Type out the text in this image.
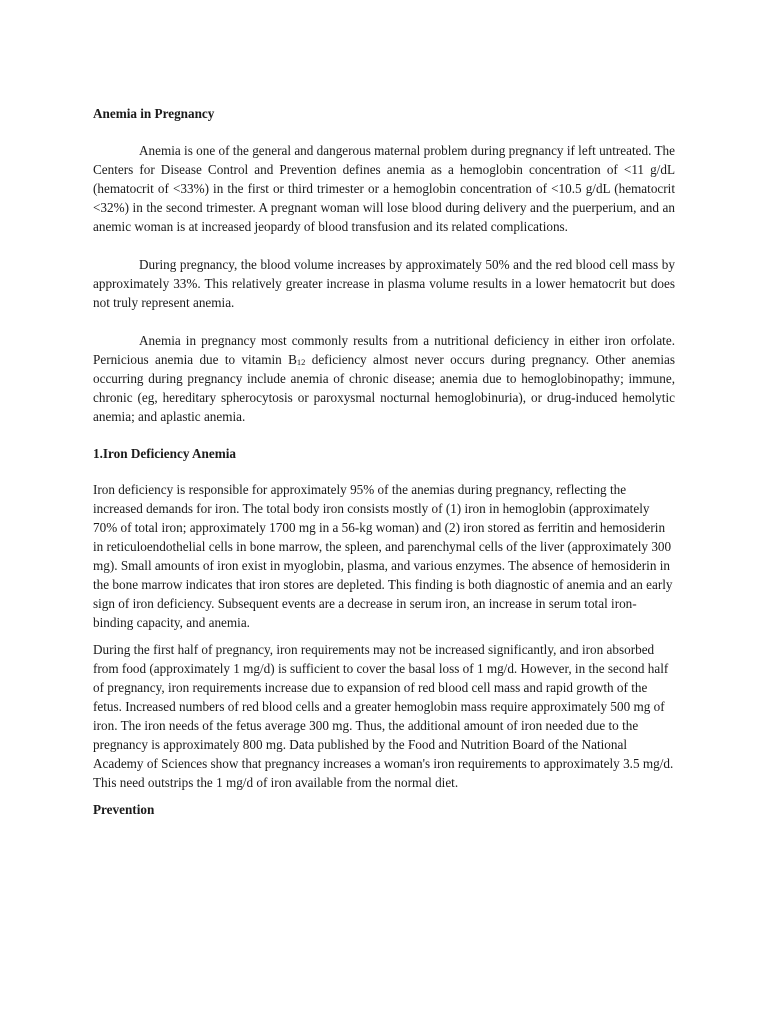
Anemia in Pregnancy

Anemia is one of the general and dangerous maternal problem during pregnancy if left untreated. The Centers for Disease Control and Prevention defines anemia as a hemoglobin concentration of <11 g/dL (hematocrit of <33%) in the first or third trimester or a hemoglobin concentration of <10.5 g/dL (hematocrit <32%) in the second trimester. A pregnant woman will lose blood during delivery and the puerperium, and an anemic woman is at increased jeopardy of blood transfusion and its related complications.

During pregnancy, the blood volume increases by approximately 50% and the red blood cell mass by approximately 33%. This relatively greater increase in plasma volume results in a lower hematocrit but does not truly represent anemia.

Anemia in pregnancy most commonly results from a nutritional deficiency in either iron orfolate. Pernicious anemia due to vitamin $B_{12}$ deficiency almost never occurs during pregnancy. Other anemias occurring during pregnancy include anemia of chronic disease; anemia due to hemoglobinopathy; immune, chronic (eg, hereditary spherocytosis or paroxysmal nocturnal hemoglobinuria), or drug-induced hemolytic anemia; and aplastic anemia.

1.Iron Deficiency Anemia

Iron deficiency is responsible for approximately 95% of the anemias during pregnancy, reflecting the increased demands for iron. The total body iron consists mostly of (1) iron in hemoglobin (approximately 70% of total iron; approximately 1700 mg in a 56-kg woman) and (2) iron stored as ferritin and hemosiderin in reticuloendothelial cells in bone marrow, the spleen, and parenchymal cells of the liver (approximately 300 mg). Small amounts of iron exist in myoglobin, plasma, and various enzymes. The absence of hemosiderin in the bone marrow indicates that iron stores are depleted. This finding is both diagnostic of anemia and an early sign of iron deficiency. Subsequent events are a decrease in serum iron, an increase in serum total iron-binding capacity, and anemia.

During the first half of pregnancy, iron requirements may not be increased significantly, and iron absorbed from food (approximately 1 mg/d) is sufficient to cover the basal loss of 1 mg/d. However, in the second half of pregnancy, iron requirements increase due to expansion of red blood cell mass and rapid growth of the fetus. Increased numbers of red blood cells and a greater hemoglobin mass require approximately 500 mg of iron. The iron needs of the fetus average 300 mg. Thus, the additional amount of iron needed due to the pregnancy is approximately 800 mg. Data published by the Food and Nutrition Board of the National Academy of Sciences show that pregnancy increases a woman's iron requirements to approximately 3.5 mg/d. This need outstrips the 1 mg/d of iron available from the normal diet.

Prevention
